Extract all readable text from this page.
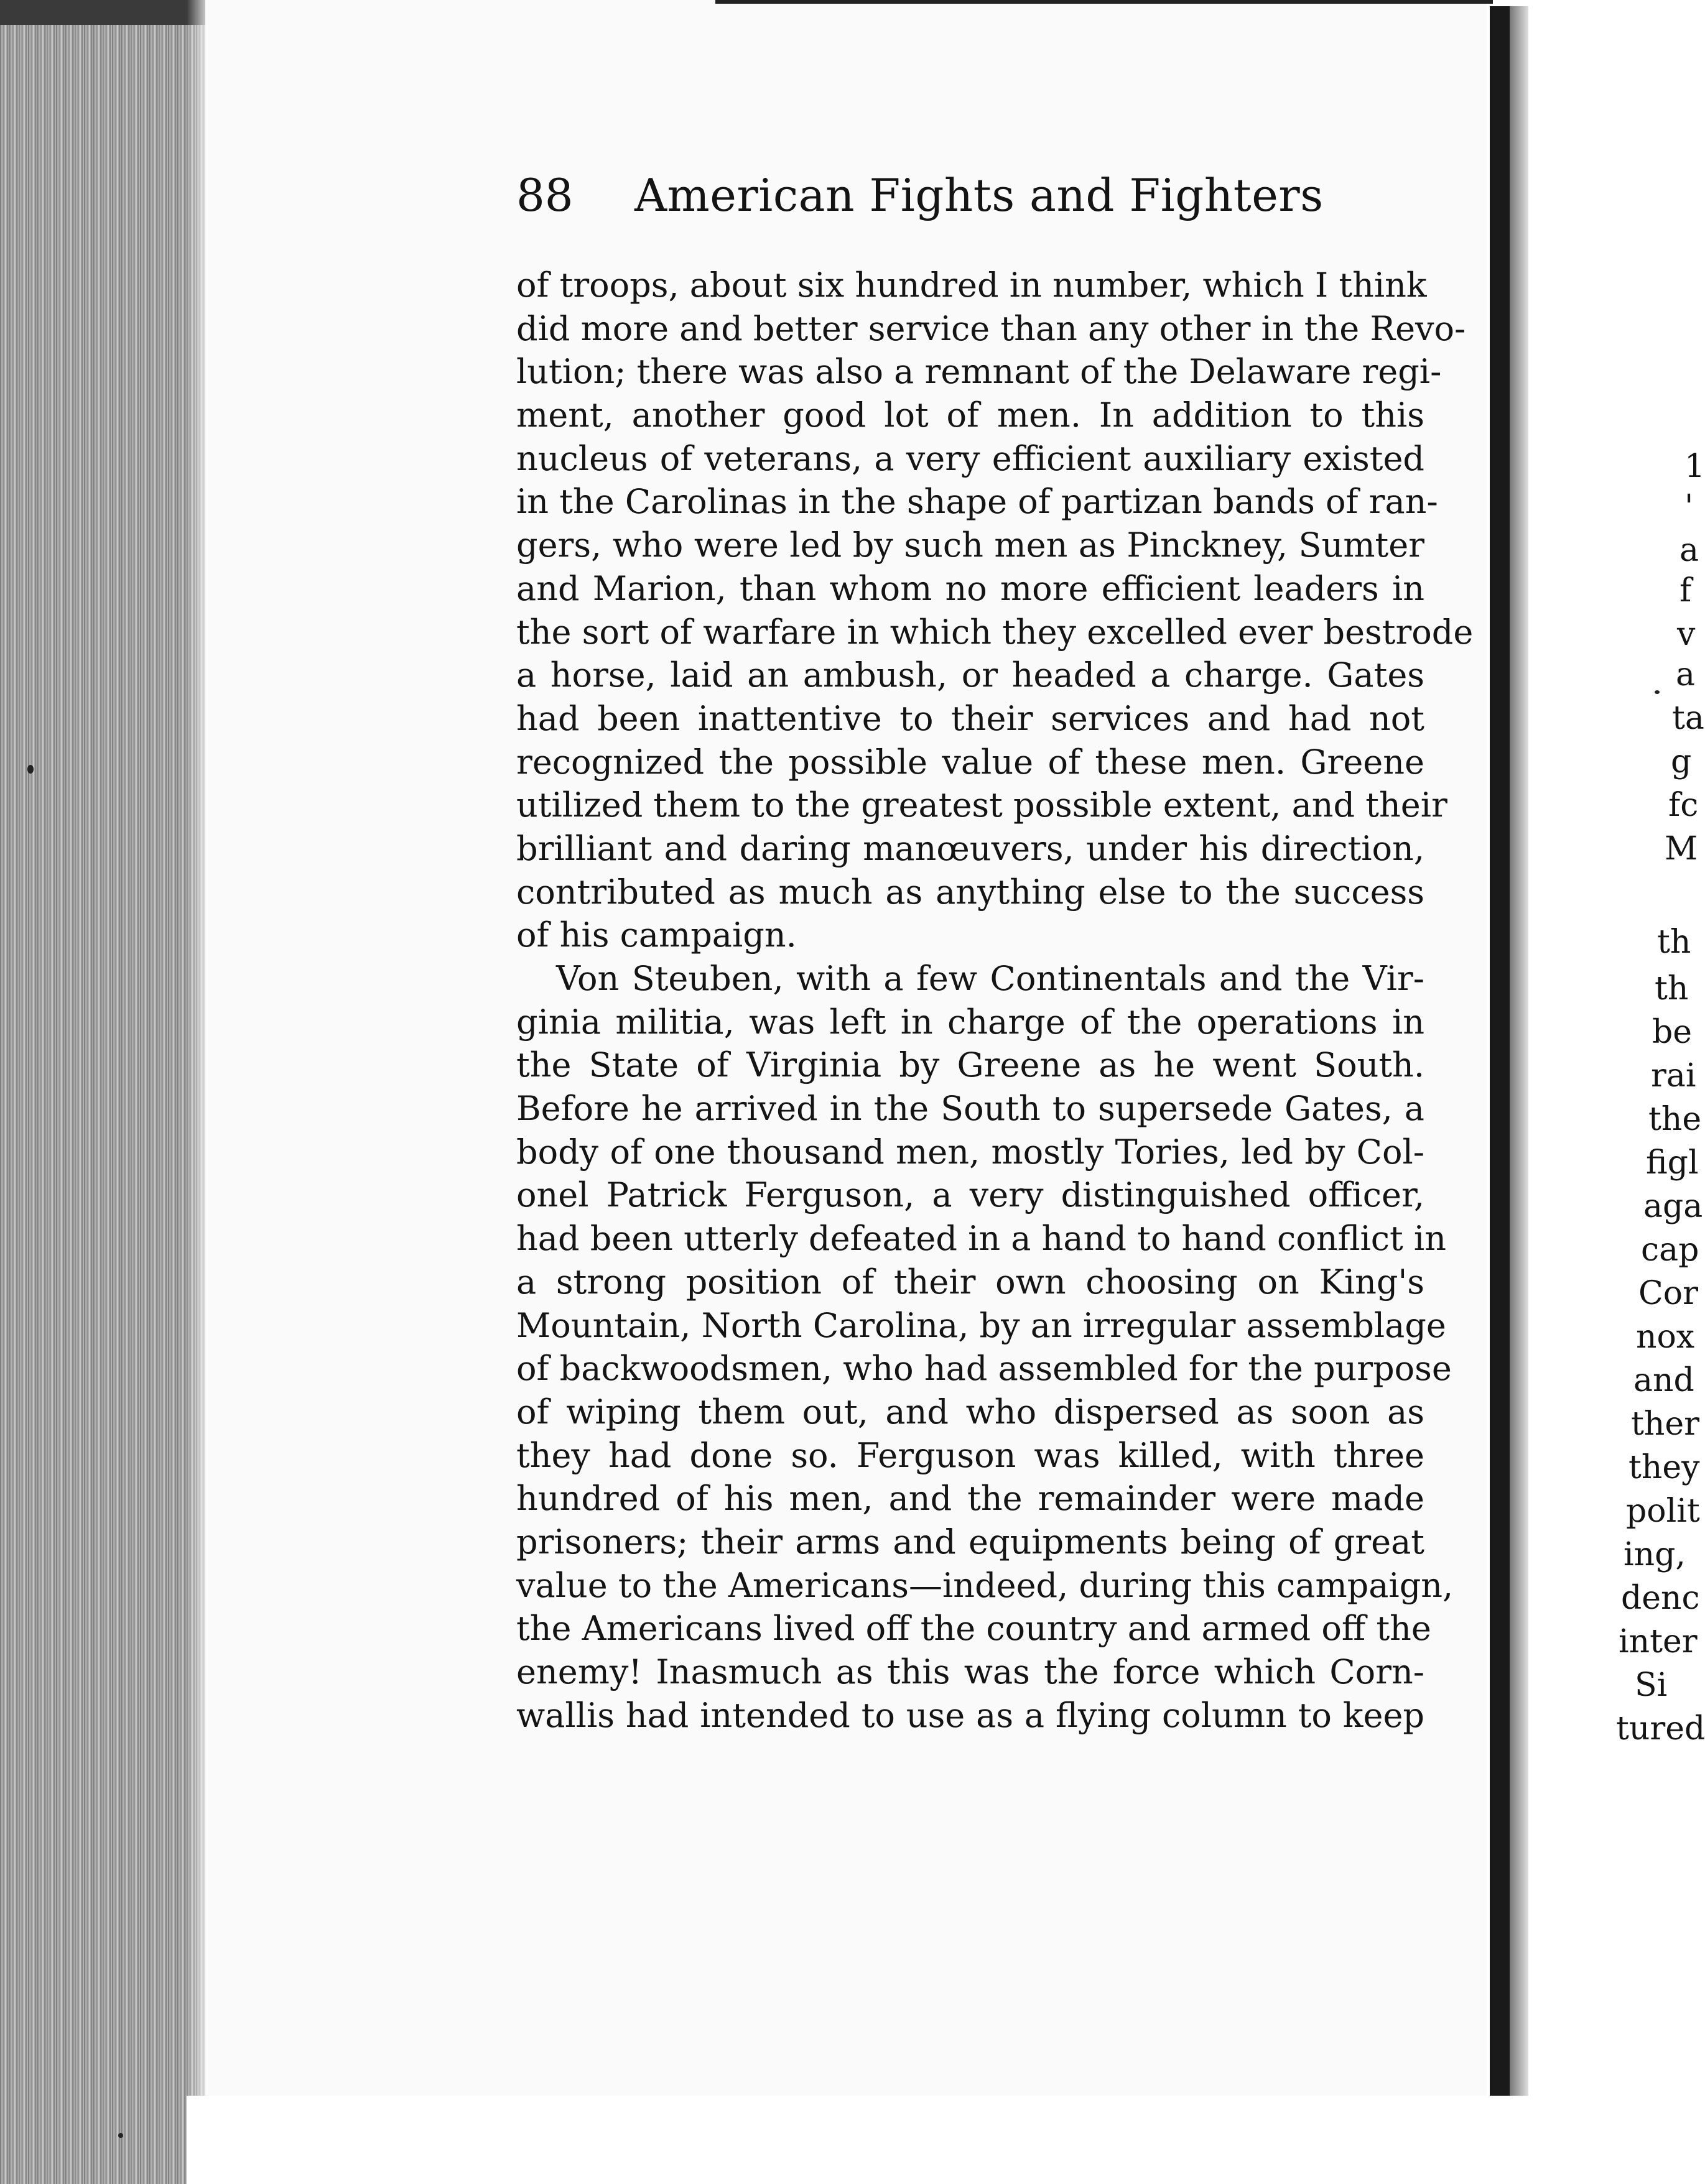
88 American Fights and Fighters
of troops, about six hundred in number, which I think
did more and better service than any other in the Revo-
lution; there was also a remnant of the Delaware regi-
ment, another good lot of men. In addition to this
nucleus of veterans, a very efficient auxiliary existed
in the Carolinas in the shape of partizan bands of ran-
gers, who were led by such men as Pinckney, Sumter
and Marion, than whom no more efficient leaders in
the sort of warfare in which they excelled ever bestrode
a horse, laid an ambush, or headed a charge. Gates
had been inattentive to their services and had not
recognized the possible value of these men. Greene
utilized them to the greatest possible extent, and their
brilliant and daring manœuvers, under his direction,
contributed as much as anything else to the success
of his campaign.
Von Steuben, with a few Continentals and the Vir-
ginia militia, was left in charge of the operations in
the State of Virginia by Greene as he went South.
Before he arrived in the South to supersede Gates, a
body of one thousand men, mostly Tories, led by Col-
onel Patrick Ferguson, a very distinguished officer,
had been utterly defeated in a hand to hand conflict in
a strong position of their own choosing on King's
Mountain, North Carolina, by an irregular assemblage
of backwoodsmen, who had assembled for the purpose
of wiping them out, and who dispersed as soon as
they had done so. Ferguson was killed, with three
hundred of his men, and the remainder were made
prisoners; their arms and equipments being of great
value to the Americans—indeed, during this campaign,
the Americans lived off the country and armed off the
enemy! Inasmuch as this was the force which Corn-
wallis had intended to use as a flying column to keep
1
'
a
f
v
a
ta
g
fc
M
th
th
be
rai
the
figl
aga
cap
Cor
nox
and
ther
they
polit
ing,
denc
inter
Si
tured
